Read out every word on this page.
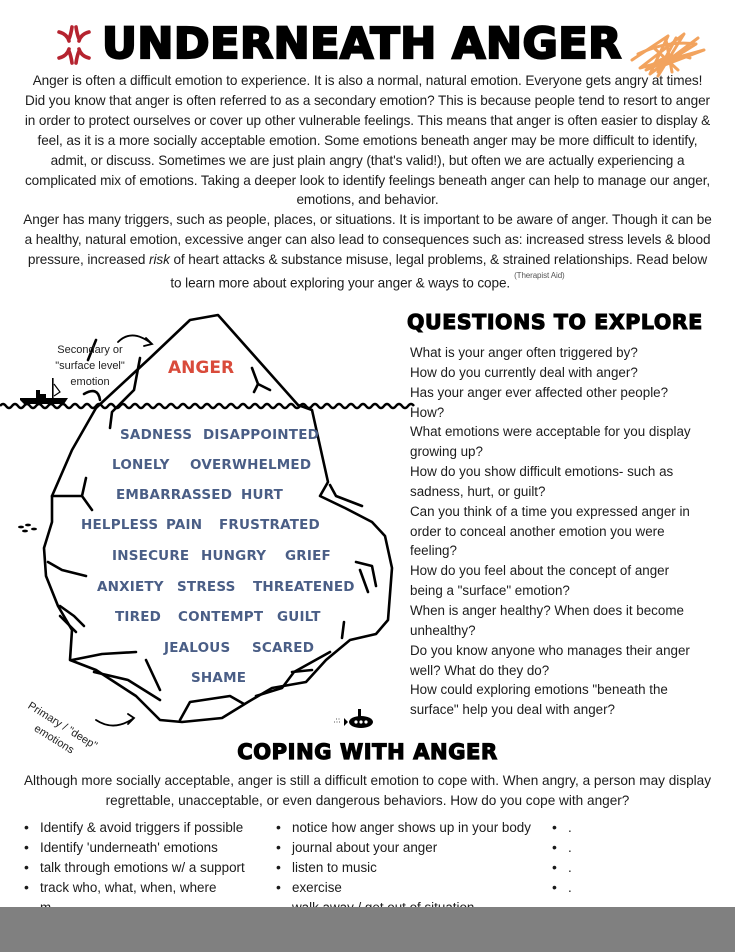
UNDERNEATH ANGER

Anger is often a difficult emotion to experience. It is also a normal, natural emotion. Everyone gets angry at times! Did you know that anger is often referred to as a secondary emotion? This is because people tend to resort to anger in order to protect ourselves or cover up other vulnerable feelings. This means that anger is often easier to display & feel, as it is a more socially acceptable emotion. Some emotions beneath anger may be more difficult to identify, admit, or discuss. Sometimes we are just plain angry (that's valid!), but often we are actually experiencing a complicated mix of emotions. Taking a deeper look to identify feelings beneath anger can help to manage our anger, emotions, and behavior.

Anger has many triggers, such as people, places, or situations. It is important to be aware of anger. Though it can be a healthy, natural emotion, excessive anger can also lead to consequences such as: increased stress levels & blood pressure, increased risk of heart attacks & substance misuse, legal problems, & strained relationships. Read below to learn more about exploring your anger & ways to cope.$^{(Therapist Aid)}$

Secondary or "surface level" emotion
ANGER
SADNESS DISAPPOINTED
LONELY OVERWHELMED
EMBARRASSED HURT
HELPLESS PAIN FRUSTRATED
INSECURE HUNGRY GRIEF
ANXIETY STRESS THREATENED
TIRED CONTEMPT GUILT
JEALOUS SCARED
SHAME
Primary / "deep" emotions
QUESTIONS TO EXPLORE
What is your anger often triggered by?
How do you currently deal with anger?
Has your anger ever affected other people?
How?
What emotions were acceptable for you display
growing up?
How do you show difficult emotions- such as
sadness, hurt, or guilt?
Can you think of a time you expressed anger in
order to conceal another emotion you were
feeling?
How do you feel about the concept of anger
being a "surface" emotion?
When is anger healthy? When does it become
unhealthy?
Do you know anyone who manages their anger
well? What do they do?
How could exploring emotions "beneath the
surface" help you deal with anger?
COPING WITH ANGER
Although more socially acceptable, anger is still a difficult emotion to cope with. When angry, a person may display regrettable, unacceptable, or even dangerous behaviors. How do you cope with anger?
• Identify & avoid triggers if possible
• Identify 'underneath' emotions
• talk through emotions w/ a support
• track who, what, when, where
• notice how anger shows up in your body
• journal about your anger
• listen to music
• exercise
• .
• .
• .
• .
